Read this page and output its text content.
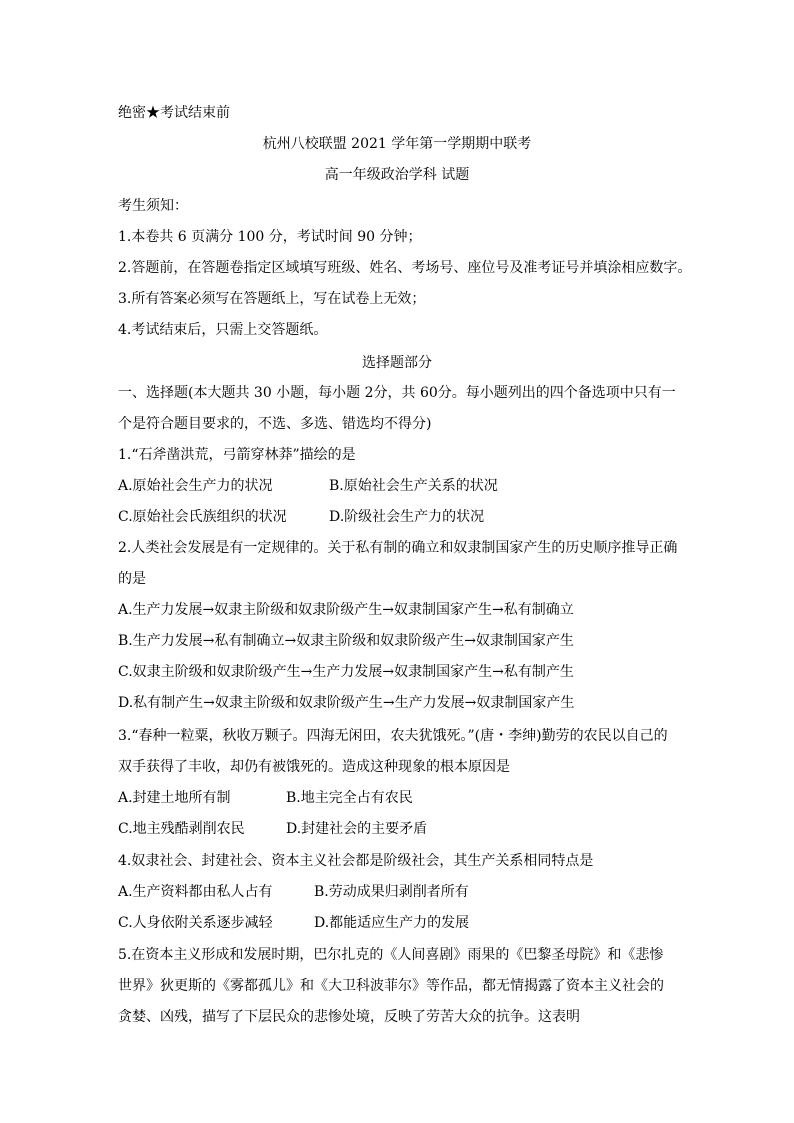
绝密★考试结束前
杭州八校联盟 2021 学年第一学期期中联考
高一年级政治学科 试题
考生须知：
1.本卷共 6 页满分 100 分，考试时间 90 分钟；
2.答题前，在答题卷指定区域填写班级、姓名、考场号、座位号及准考证号并填涂相应数字。
3.所有答案必须写在答题纸上，写在试卷上无效；
4.考试结束后，只需上交答题纸。
选择题部分
一、选择题(本大题共 30 小题，每小题 2分，共 60分。每小题列出的四个备选项中只有一
个是符合题目要求的，不选、多选、错选均不得分)
1.“石斧凿洪荒，弓箭穿林莽”描绘的是
A.原始社会生产力的状况	B.原始社会生产关系的状况
C.原始社会氏族组织的状况	D.阶级社会生产力的状况
2.人类社会发展是有一定规律的。关于私有制的确立和奴隶制国家产生的历史顺序推导正确
的是
A.生产力发展→奴隶主阶级和奴隶阶级产生→奴隶制国家产生→私有制确立
B.生产力发展→私有制确立→奴隶主阶级和奴隶阶级产生→奴隶制国家产生
C.奴隶主阶级和奴隶阶级产生→生产力发展→奴隶制国家产生→私有制产生
D.私有制产生→奴隶主阶级和奴隶阶级产生→生产力发展→奴隶制国家产生
3.“春种一粒粟，秋收万颗子。四海无闲田，农夫犹饿死。”(唐・李绅)勤劳的农民以自己的
双手获得了丰收，却仍有被饿死的。造成这种现象的根本原因是
A.封建土地所有制	B.地主完全占有农民
C.地主残酷剥削农民	D.封建社会的主要矛盾
4.奴隶社会、封建社会、资本主义社会都是阶级社会，其生产关系相同特点是
A.生产资料都由私人占有	B.劳动成果归剥削者所有
C.人身依附关系逐步减轻	D.都能适应生产力的发展
5.在资本主义形成和发展时期，巴尔扎克的《人间喜剧》雨果的《巴黎圣母院》和《悲惨
世界》狄更斯的《雾都孤儿》和《大卫科波菲尔》等作品，都无情揭露了资本主义社会的
贪婪、凶残，描写了下层民众的悲惨处境，反映了劳苦大众的抗争。这表明
